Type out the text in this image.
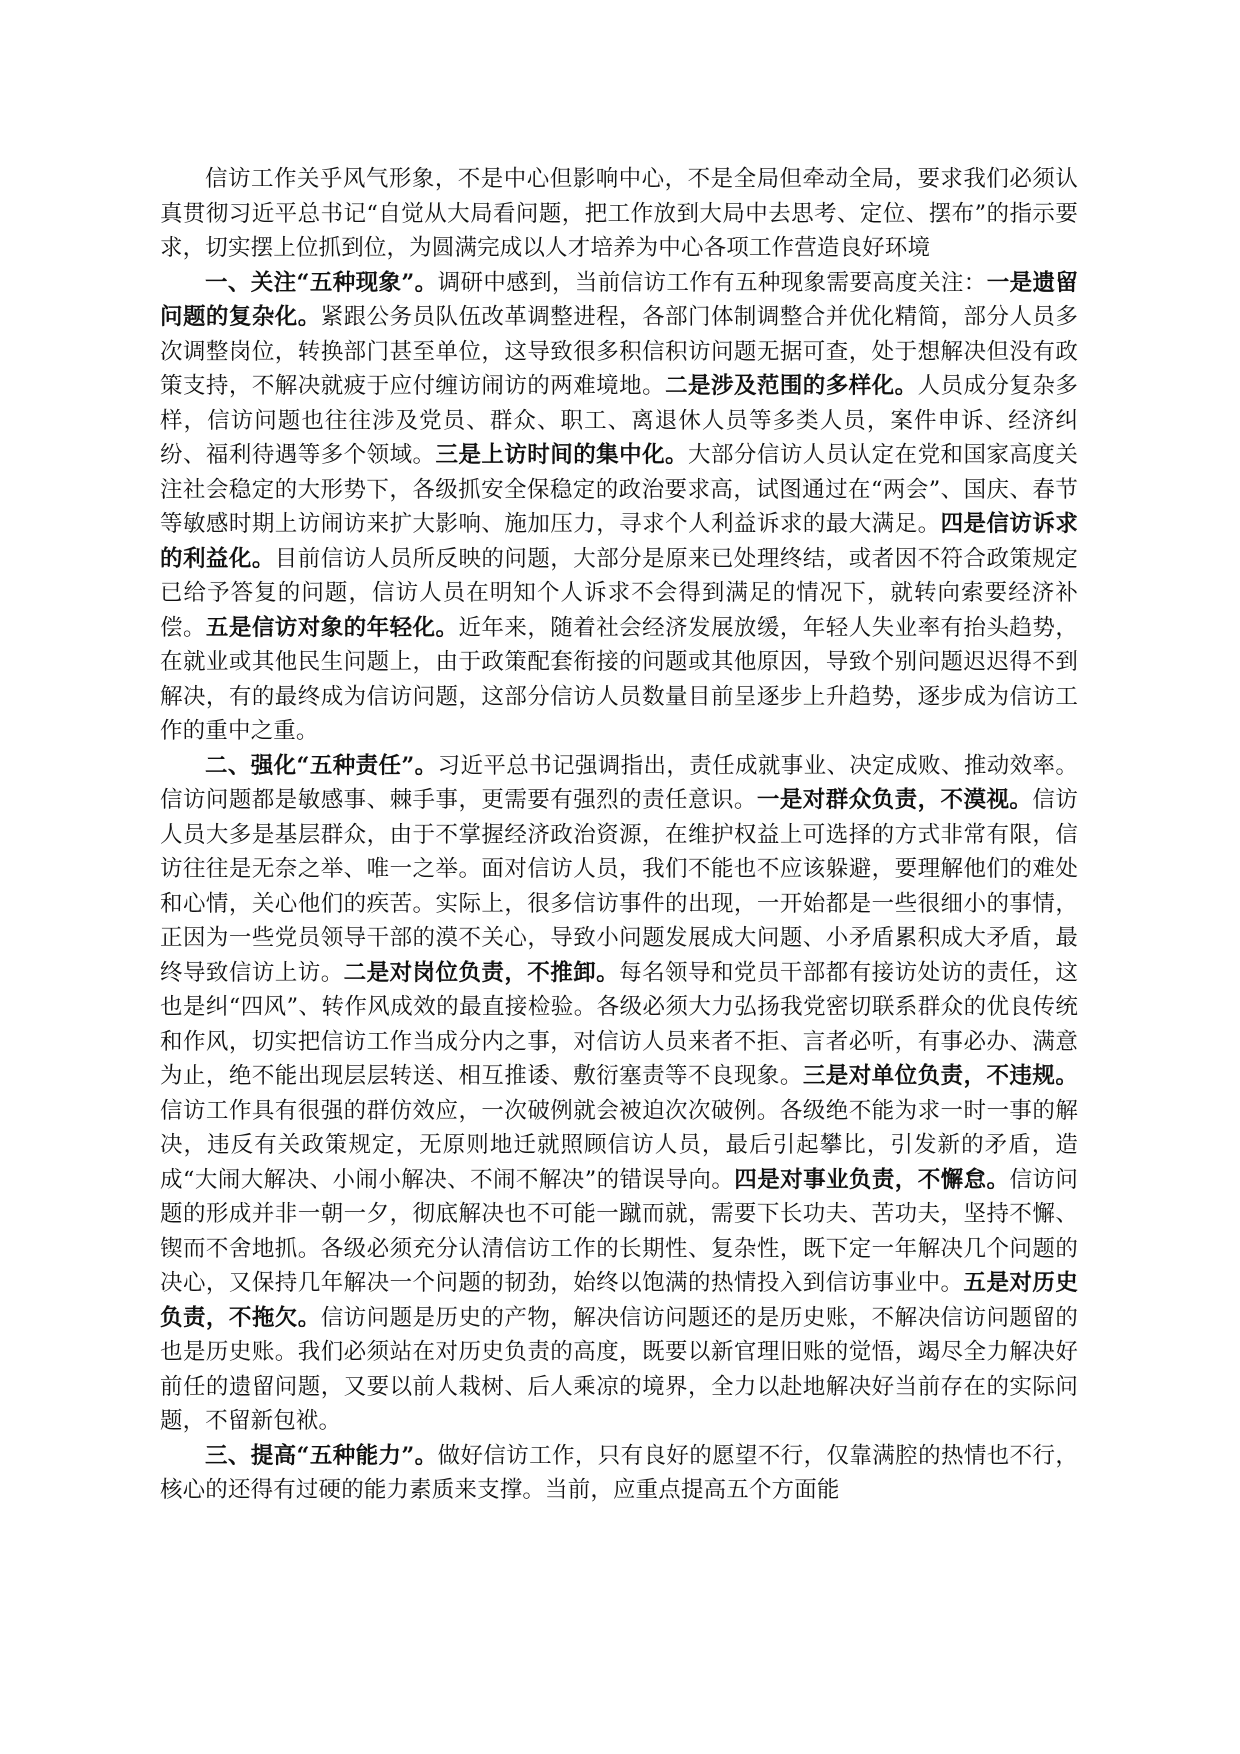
信访工作关乎风气形象，不是中心但影响中心，不是全局但牵动全局，要求我们必须认真贯彻习近平总书记“自觉从大局看问题，把工作放到大局中去思考、定位、摆布”的指示要求，切实摆上位抓到位，为圆满完成以人才培养为中心各项工作营造良好环境

一、关注“五种现象”。调研中感到，当前信访工作有五种现象需要高度关注：一是遗留问题的复杂化。紧跟公务员队伍改革调整进程，各部门体制调整合并优化精简，部分人员多次调整岗位，转换部门甚至单位，这导致很多积信积访问题无据可查，处于想解决但没有政策支持，不解决就疲于应付缠访闹访的两难境地。二是涉及范围的多样化。人员成分复杂多样，信访问题也往往涉及党员、群众、职工、离退休人员等多类人员，案件申诉、经济纠纷、福利待遇等多个领域。三是上访时间的集中化。大部分信访人员认定在党和国家高度关注社会稳定的大形势下，各级抓安全保稳定的政治要求高，试图通过在“两会”、国庆、春节等敏感时期上访闹访来扩大影响、施加压力，寻求个人利益诉求的最大满足。四是信访诉求的利益化。目前信访人员所反映的问题，大部分是原来已处理终结，或者因不符合政策规定已给予答复的问题，信访人员在明知个人诉求不会得到满足的情况下，就转向索要经济补偿。五是信访对象的年轻化。近年来，随着社会经济发展放缓，年轻人失业率有抬头趋势，在就业或其他民生问题上，由于政策配套衔接的问题或其他原因，导致个别问题迟迟得不到解决，有的最终成为信访问题，这部分信访人员数量目前呈逐步上升趋势，逐步成为信访工作的重中之重。

二、强化“五种责任”。习近平总书记强调指出，责任成就事业、决定成败、推动效率。信访问题都是敏感事、棘手事，更需要有强烈的责任意识。一是对群众负责，不漠视。信访人员大多是基层群众，由于不掌握经济政治资源，在维护权益上可选择的方式非常有限，信访往往是无奈之举、唯一之举。面对信访人员，我们不能也不应该躲避，要理解他们的难处和心情，关心他们的疾苦。实际上，很多信访事件的出现，一开始都是一些很细小的事情，正因为一些党员领导干部的漠不关心，导致小问题发展成大问题、小矛盾累积成大矛盾，最终导致信访上访。二是对岗位负责，不推卸。每名领导和党员干部都有接访处访的责任，这也是纠“四风”、转作风成效的最直接检验。各级必须大力弘扬我党密切联系群众的优良传统和作风，切实把信访工作当成分内之事，对信访人员来者不拒、言者必听，有事必办、满意为止，绝不能出现层层转送、相互推诿、敷衍塞责等不良现象。三是对单位负责，不违规。信访工作具有很强的群仿效应，一次破例就会被迫次次破例。各级绝不能为求一时一事的解决，违反有关政策规定，无原则地迁就照顾信访人员，最后引起攀比，引发新的矛盾，造成“大闹大解决、小闹小解决、不闹不解决”的错误导向。四是对事业负责，不懈怠。信访问题的形成并非一朝一夕，彻底解决也不可能一蹴而就，需要下长功夫、苦功夫，坚持不懈、锲而不舍地抓。各级必须充分认清信访工作的长期性、复杂性，既下定一年解决几个问题的决心，又保持几年解决一个问题的韧劲，始终以饱满的热情投入到信访事业中。五是对历史负责，不拖欠。信访问题是历史的产物，解决信访问题还的是历史账，不解决信访问题留的也是历史账。我们必须站在对历史负责的高度，既要以新官理旧账的觉悟，竭尽全力解决好前任的遗留问题，又要以前人栽树、后人乘凉的境界，全力以赴地解决好当前存在的实际问题，不留新包袱。

三、提高“五种能力”。做好信访工作，只有良好的愿望不行，仅靠满腔的热情也不行，核心的还得有过硬的能力素质来支撑。当前，应重点提高五个方面能
